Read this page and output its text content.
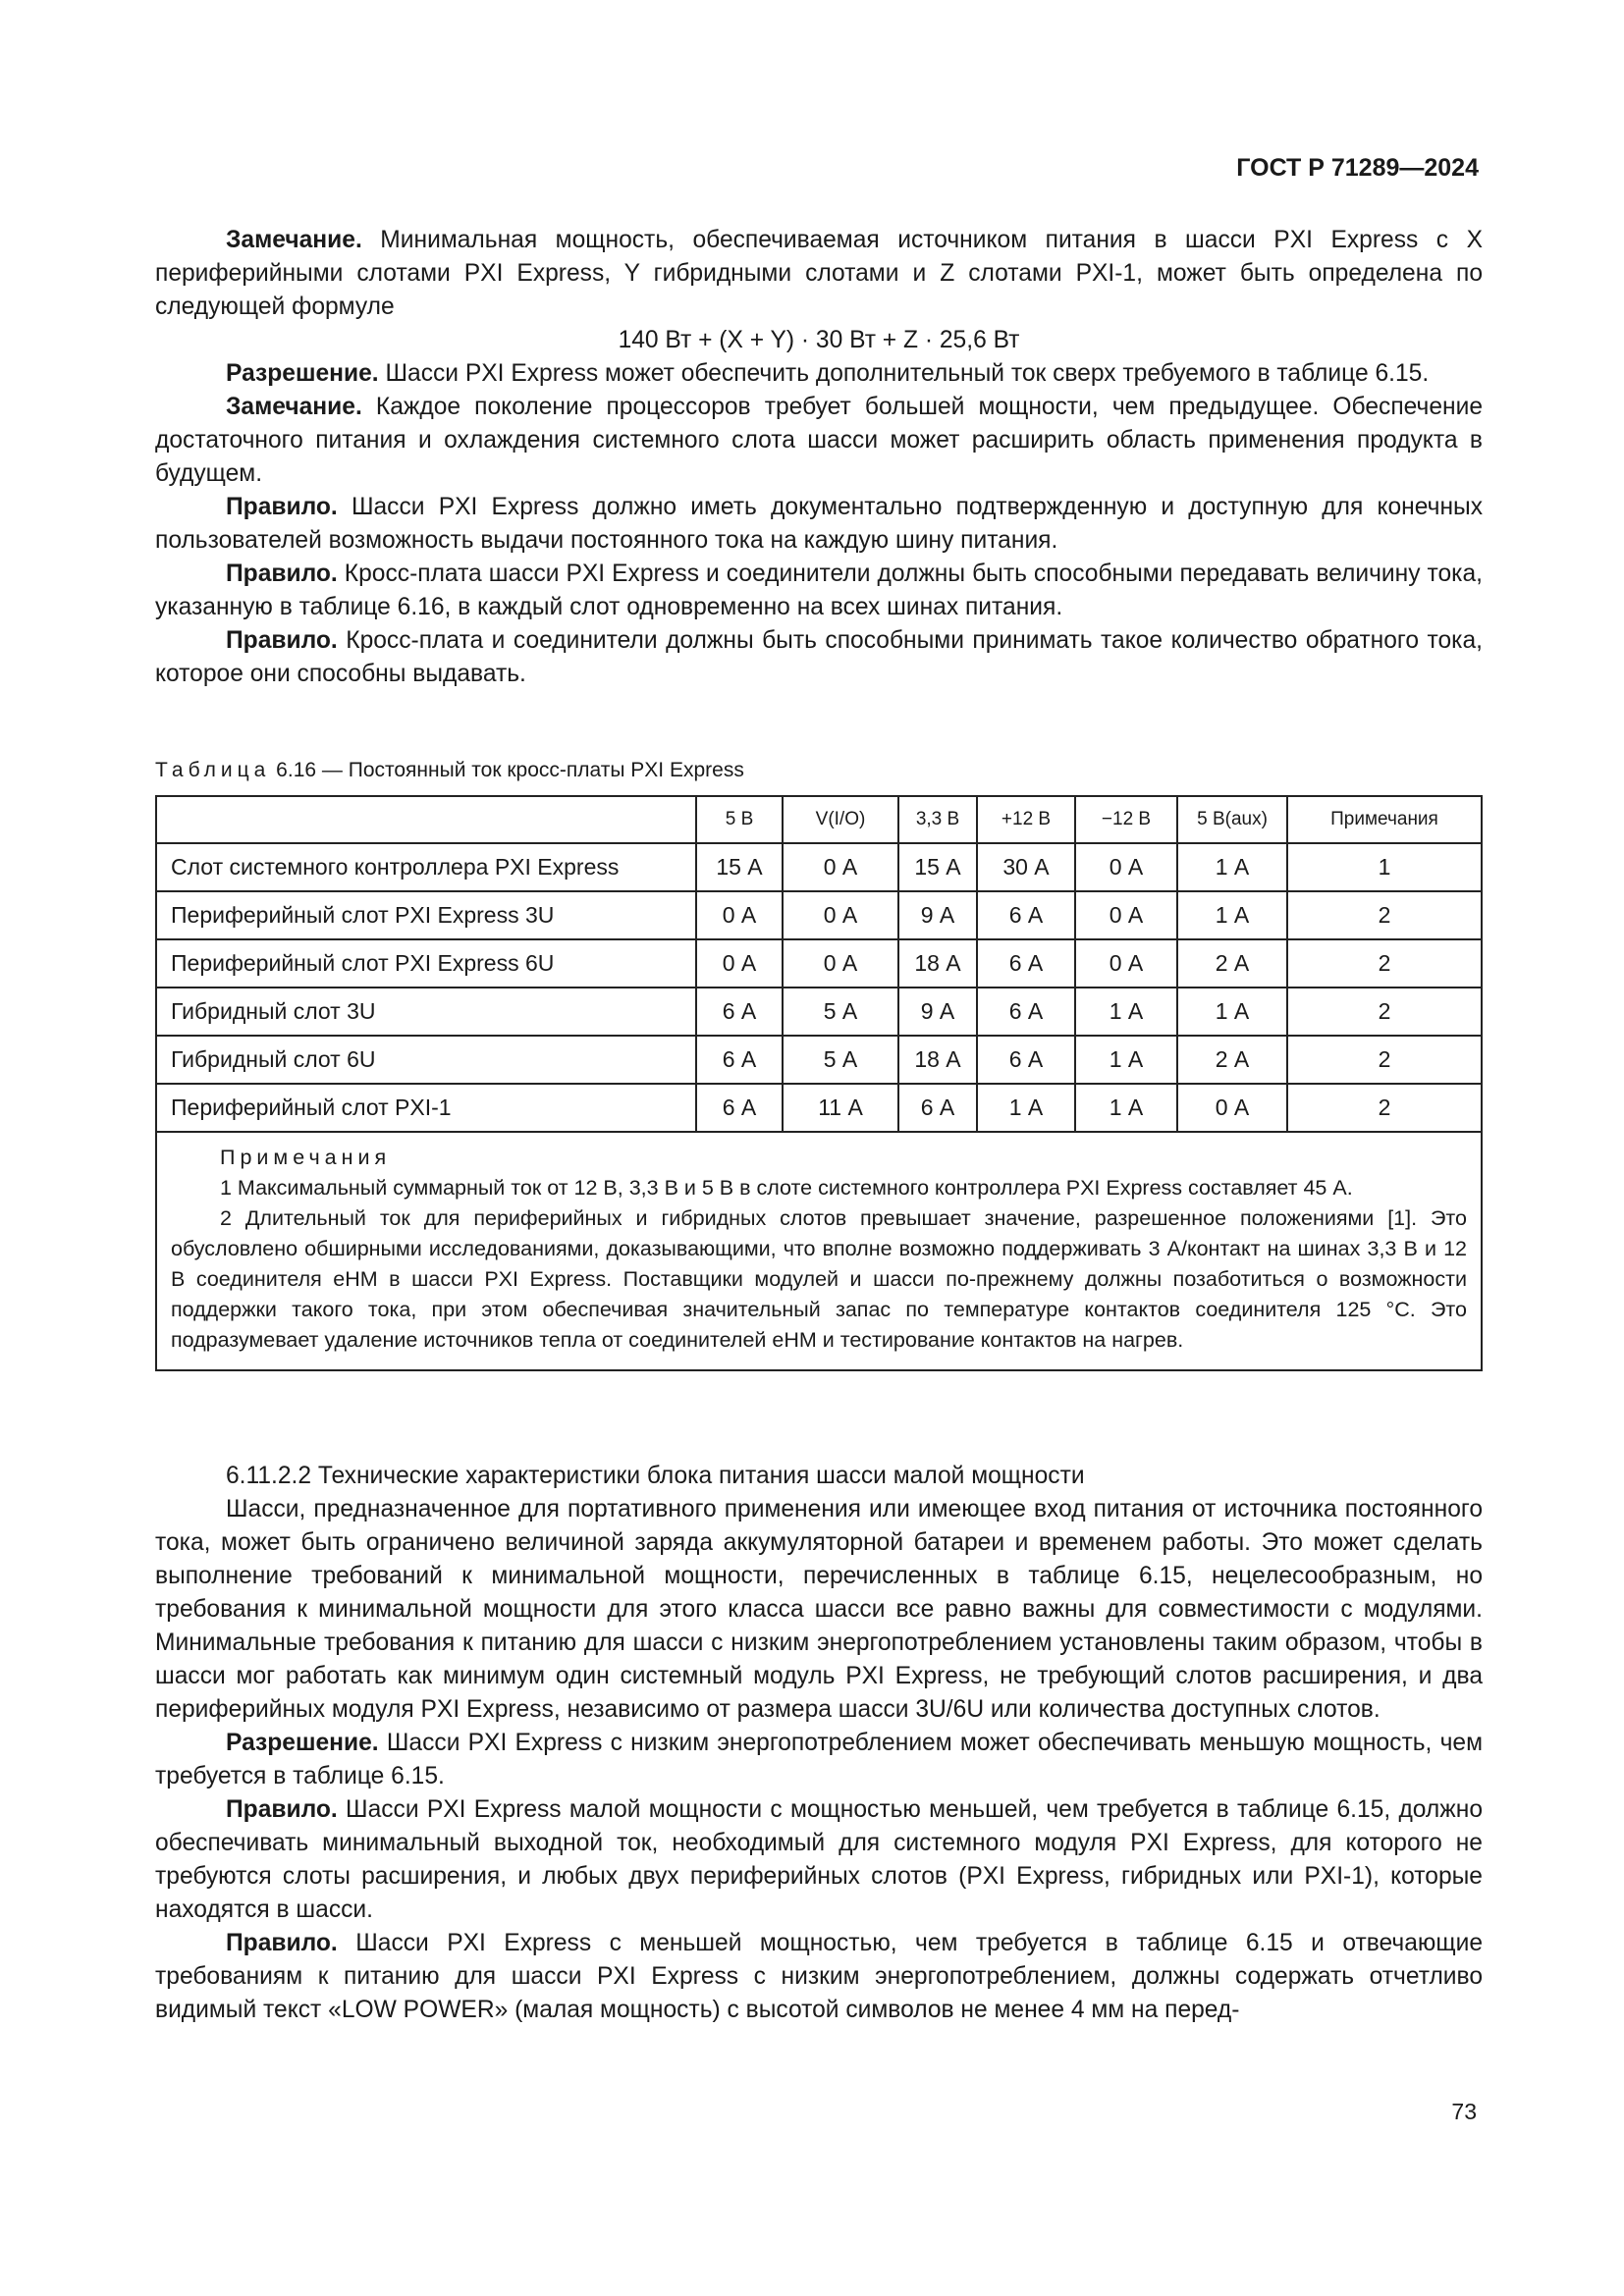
ГОСТ Р 71289—2024

Замечание. Минимальная мощность, обеспечиваемая источником питания в шасси PXI Express с X периферийными слотами PXI Express, Y гибридными слотами и Z слотами PXI-1, может быть определена по следующей формуле

140 Вт + (X + Y) · 30 Вт + Z · 25,6 Вт

Разрешение. Шасси PXI Express может обеспечить дополнительный ток сверх требуемого в таблице 6.15.

Замечание. Каждое поколение процессоров требует большей мощности, чем предыдущее. Обеспечение достаточного питания и охлаждения системного слота шасси может расширить область применения продукта в будущем.

Правило. Шасси PXI Express должно иметь документально подтвержденную и доступную для конечных пользователей возможность выдачи постоянного тока на каждую шину питания.

Правило. Кросс-плата шасси PXI Express и соединители должны быть способными передавать величину тока, указанную в таблице 6.16, в каждый слот одновременно на всех шинах питания.

Правило. Кросс-плата и соединители должны быть способными принимать такое количество обратного тока, которое они способны выдавать.

Таблица 6.16 — Постоянный ток кросс-платы PXI Express
	5 В	V(I/O)	3,3 В	+12 В	−12 В	5 В(aux)	Примечания
Слот системного контроллера PXI Express	15 А	0 А	15 А	30 А	0 А	1 А	1
Периферийный слот PXI Express 3U	0 А	0 А	9 А	6 А	0 А	1 А	2
Периферийный слот PXI Express 6U	0 А	0 А	18 А	6 А	0 А	2 А	2
Гибридный слот 3U	6 А	5 А	9 А	6 А	1 А	1 А	2
Гибридный слот 6U	6 А	5 А	18 А	6 А	1 А	2 А	2
Периферийный слот PXI-1	6 А	11 А	6 А	1 А	1 А	0 А	2

Примечания

1 Максимальный суммарный ток от 12 В, 3,3 В и 5 В в слоте системного контроллера PXI Express составляет 45 А.

2 Длительный ток для периферийных и гибридных слотов превышает значение, разрешенное положениями [1]. Это обусловлено обширными исследованиями, доказывающими, что вполне возможно поддерживать 3 А/контакт на шинах 3,3 В и 12 В соединителя eHM в шасси PXI Express. Поставщики модулей и шасси по-прежнему должны позаботиться о возможности поддержки такого тока, при этом обеспечивая значительный запас по температуре контактов соединителя 125 °С. Это подразумевает удаление источников тепла от соединителей eHM и тестирование контактов на нагрев.							

6.11.2.2 Технические характеристики блока питания шасси малой мощности

Шасси, предназначенное для портативного применения или имеющее вход питания от источника постоянного тока, может быть ограничено величиной заряда аккумуляторной батареи и временем работы. Это может сделать выполнение требований к минимальной мощности, перечисленных в таблице 6.15, нецелесообразным, но требования к минимальной мощности для этого класса шасси все равно важны для совместимости с модулями. Минимальные требования к питанию для шасси с низким энергопотреблением установлены таким образом, чтобы в шасси мог работать как минимум один системный модуль PXI Express, не требующий слотов расширения, и два периферийных модуля PXI Express, независимо от размера шасси 3U/6U или количества доступных слотов.

Разрешение. Шасси PXI Express с низким энергопотреблением может обеспечивать меньшую мощность, чем требуется в таблице 6.15.

Правило. Шасси PXI Express малой мощности с мощностью меньшей, чем требуется в таблице 6.15, должно обеспечивать минимальный выходной ток, необходимый для системного модуля PXI Express, для которого не требуются слоты расширения, и любых двух периферийных слотов (PXI Express, гибридных или PXI-1), которые находятся в шасси.

Правило. Шасси PXI Express с меньшей мощностью, чем требуется в таблице 6.15 и отвечающие требованиям к питанию для шасси PXI Express с низким энергопотреблением, должны содержать отчетливо видимый текст «LOW POWER» (малая мощность) с высотой символов не менее 4 мм на перед-

73
